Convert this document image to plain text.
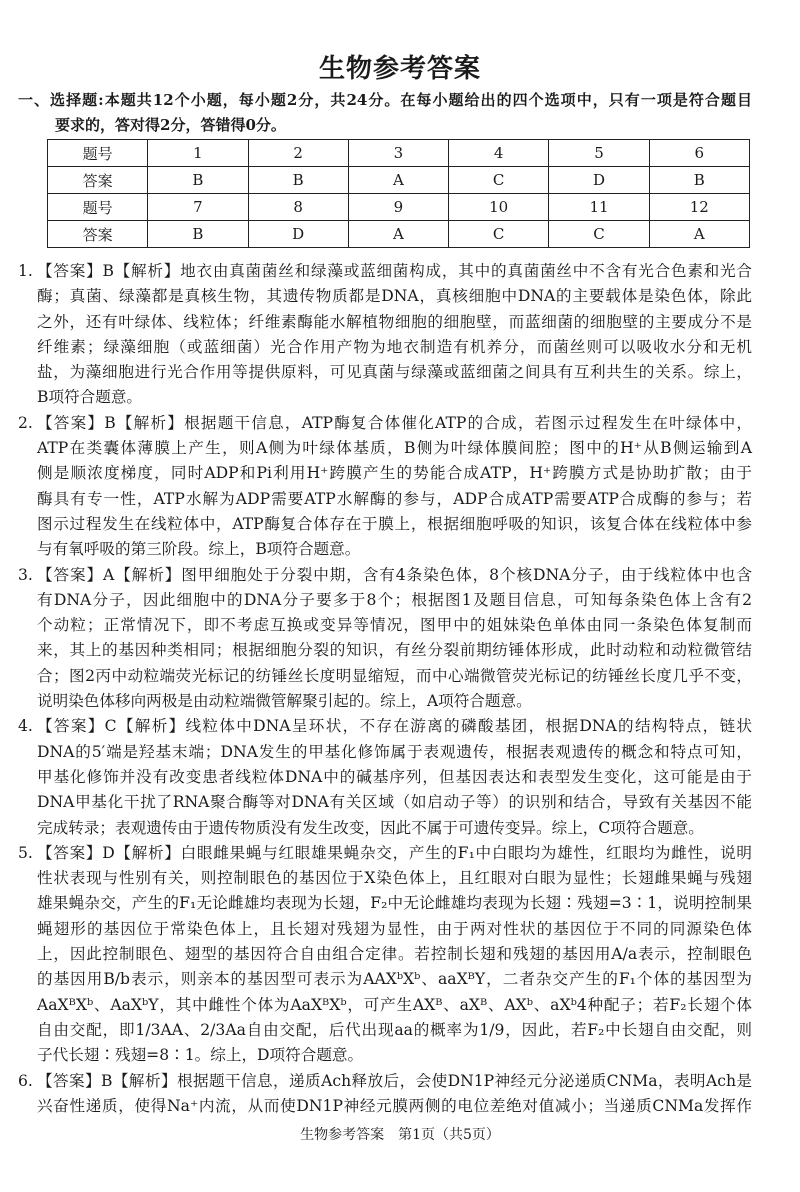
生物参考答案
一、选择题:本题共12个小题，每小题2分，共24分。在每小题给出的四个选项中，只有一项是符合题目
要求的，答对得2分，答错得0分。
题号	1	2	3	4	5	6
答案	B	B	A	C	D	B
题号	7	8	9	10	11	12
答案	B	D	A	C	C	A
1. 【答案】B【解析】地衣由真菌菌丝和绿藻或蓝细菌构成，其中的真菌菌丝中不含有光合色素和光合
酶；真菌、绿藻都是真核生物，其遗传物质都是DNA，真核细胞中DNA的主要载体是染色体，除此
之外，还有叶绿体、线粒体；纤维素酶能水解植物细胞的细胞壁，而蓝细菌的细胞壁的主要成分不是
纤维素；绿藻细胞（或蓝细菌）光合作用产物为地衣制造有机养分，而菌丝则可以吸收水分和无机
盐，为藻细胞进行光合作用等提供原料，可见真菌与绿藻或蓝细菌之间具有互利共生的关系。综上，
B项符合题意。
2. 【答案】B【解析】根据题干信息，ATP酶复合体催化ATP的合成，若图示过程发生在叶绿体中，
ATP在类囊体薄膜上产生，则A侧为叶绿体基质，B侧为叶绿体膜间腔；图中的H⁺从B侧运输到A
侧是顺浓度梯度，同时ADP和Pi利用H⁺跨膜产生的势能合成ATP，H⁺跨膜方式是协助扩散；由于
酶具有专一性，ATP水解为ADP需要ATP水解酶的参与，ADP合成ATP需要ATP合成酶的参与；若
图示过程发生在线粒体中，ATP酶复合体存在于膜上，根据细胞呼吸的知识，该复合体在线粒体中参
与有氧呼吸的第三阶段。综上，B项符合题意。
3. 【答案】A【解析】图甲细胞处于分裂中期，含有4条染色体，8个核DNA分子，由于线粒体中也含
有DNA分子，因此细胞中的DNA分子要多于8个；根据图1及题目信息，可知每条染色体上含有2
个动粒；正常情况下，即不考虑互换或变异等情况，图甲中的姐妹染色单体由同一条染色体复制而
来，其上的基因种类相同；根据细胞分裂的知识，有丝分裂前期纺锤体形成，此时动粒和动粒微管结
合；图2丙中动粒端荧光标记的纺锤丝长度明显缩短，而中心端微管荧光标记的纺锤丝长度几乎不变，
说明染色体移向两极是由动粒端微管解聚引起的。综上，A项符合题意。
4. 【答案】C【解析】线粒体中DNA呈环状，不存在游离的磷酸基团，根据DNA的结构特点，链状
DNA的5′端是羟基末端；DNA发生的甲基化修饰属于表观遗传，根据表观遗传的概念和特点可知，
甲基化修饰并没有改变患者线粒体DNA中的碱基序列，但基因表达和表型发生变化，这可能是由于
DNA甲基化干扰了RNA聚合酶等对DNA有关区域（如启动子等）的识别和结合，导致有关基因不能
完成转录；表观遗传由于遗传物质没有发生改变，因此不属于可遗传变异。综上，C项符合题意。
5. 【答案】D【解析】白眼雌果蝇与红眼雄果蝇杂交，产生的F₁中白眼均为雄性，红眼均为雌性，说明
性状表现与性别有关，则控制眼色的基因位于X染色体上，且红眼对白眼为显性；长翅雌果蝇与残翅
雄果蝇杂交，产生的F₁无论雌雄均表现为长翅，F₂中无论雌雄均表现为长翅∶残翅=3∶1，说明控制果
蝇翅形的基因位于常染色体上，且长翅对残翅为显性，由于两对性状的基因位于不同的同源染色体
上，因此控制眼色、翅型的基因符合自由组合定律。若控制长翅和残翅的基因用A/a表示，控制眼色
的基因用B/b表示，则亲本的基因型可表示为AAXᵇXᵇ、aaXᴮY，二者杂交产生的F₁个体的基因型为
AaXᴮXᵇ、AaXᵇY，其中雌性个体为AaXᴮXᵇ，可产生AXᴮ、aXᴮ、AXᵇ、aXᵇ4种配子；若F₂长翅个体
自由交配，即1/3AA、2/3Aa自由交配，后代出现aa的概率为1/9，因此，若F₂中长翅自由交配，则
子代长翅∶残翅=8∶1。综上，D项符合题意。
6. 【答案】B【解析】根据题干信息，递质Ach释放后，会使DN1P神经元分泌递质CNMa，表明Ach是
兴奋性递质，使得Na⁺内流，从而使DN1P神经元膜两侧的电位差绝对值减小；当递质CNMa发挥作
生物参考答案　第1页（共5页）
